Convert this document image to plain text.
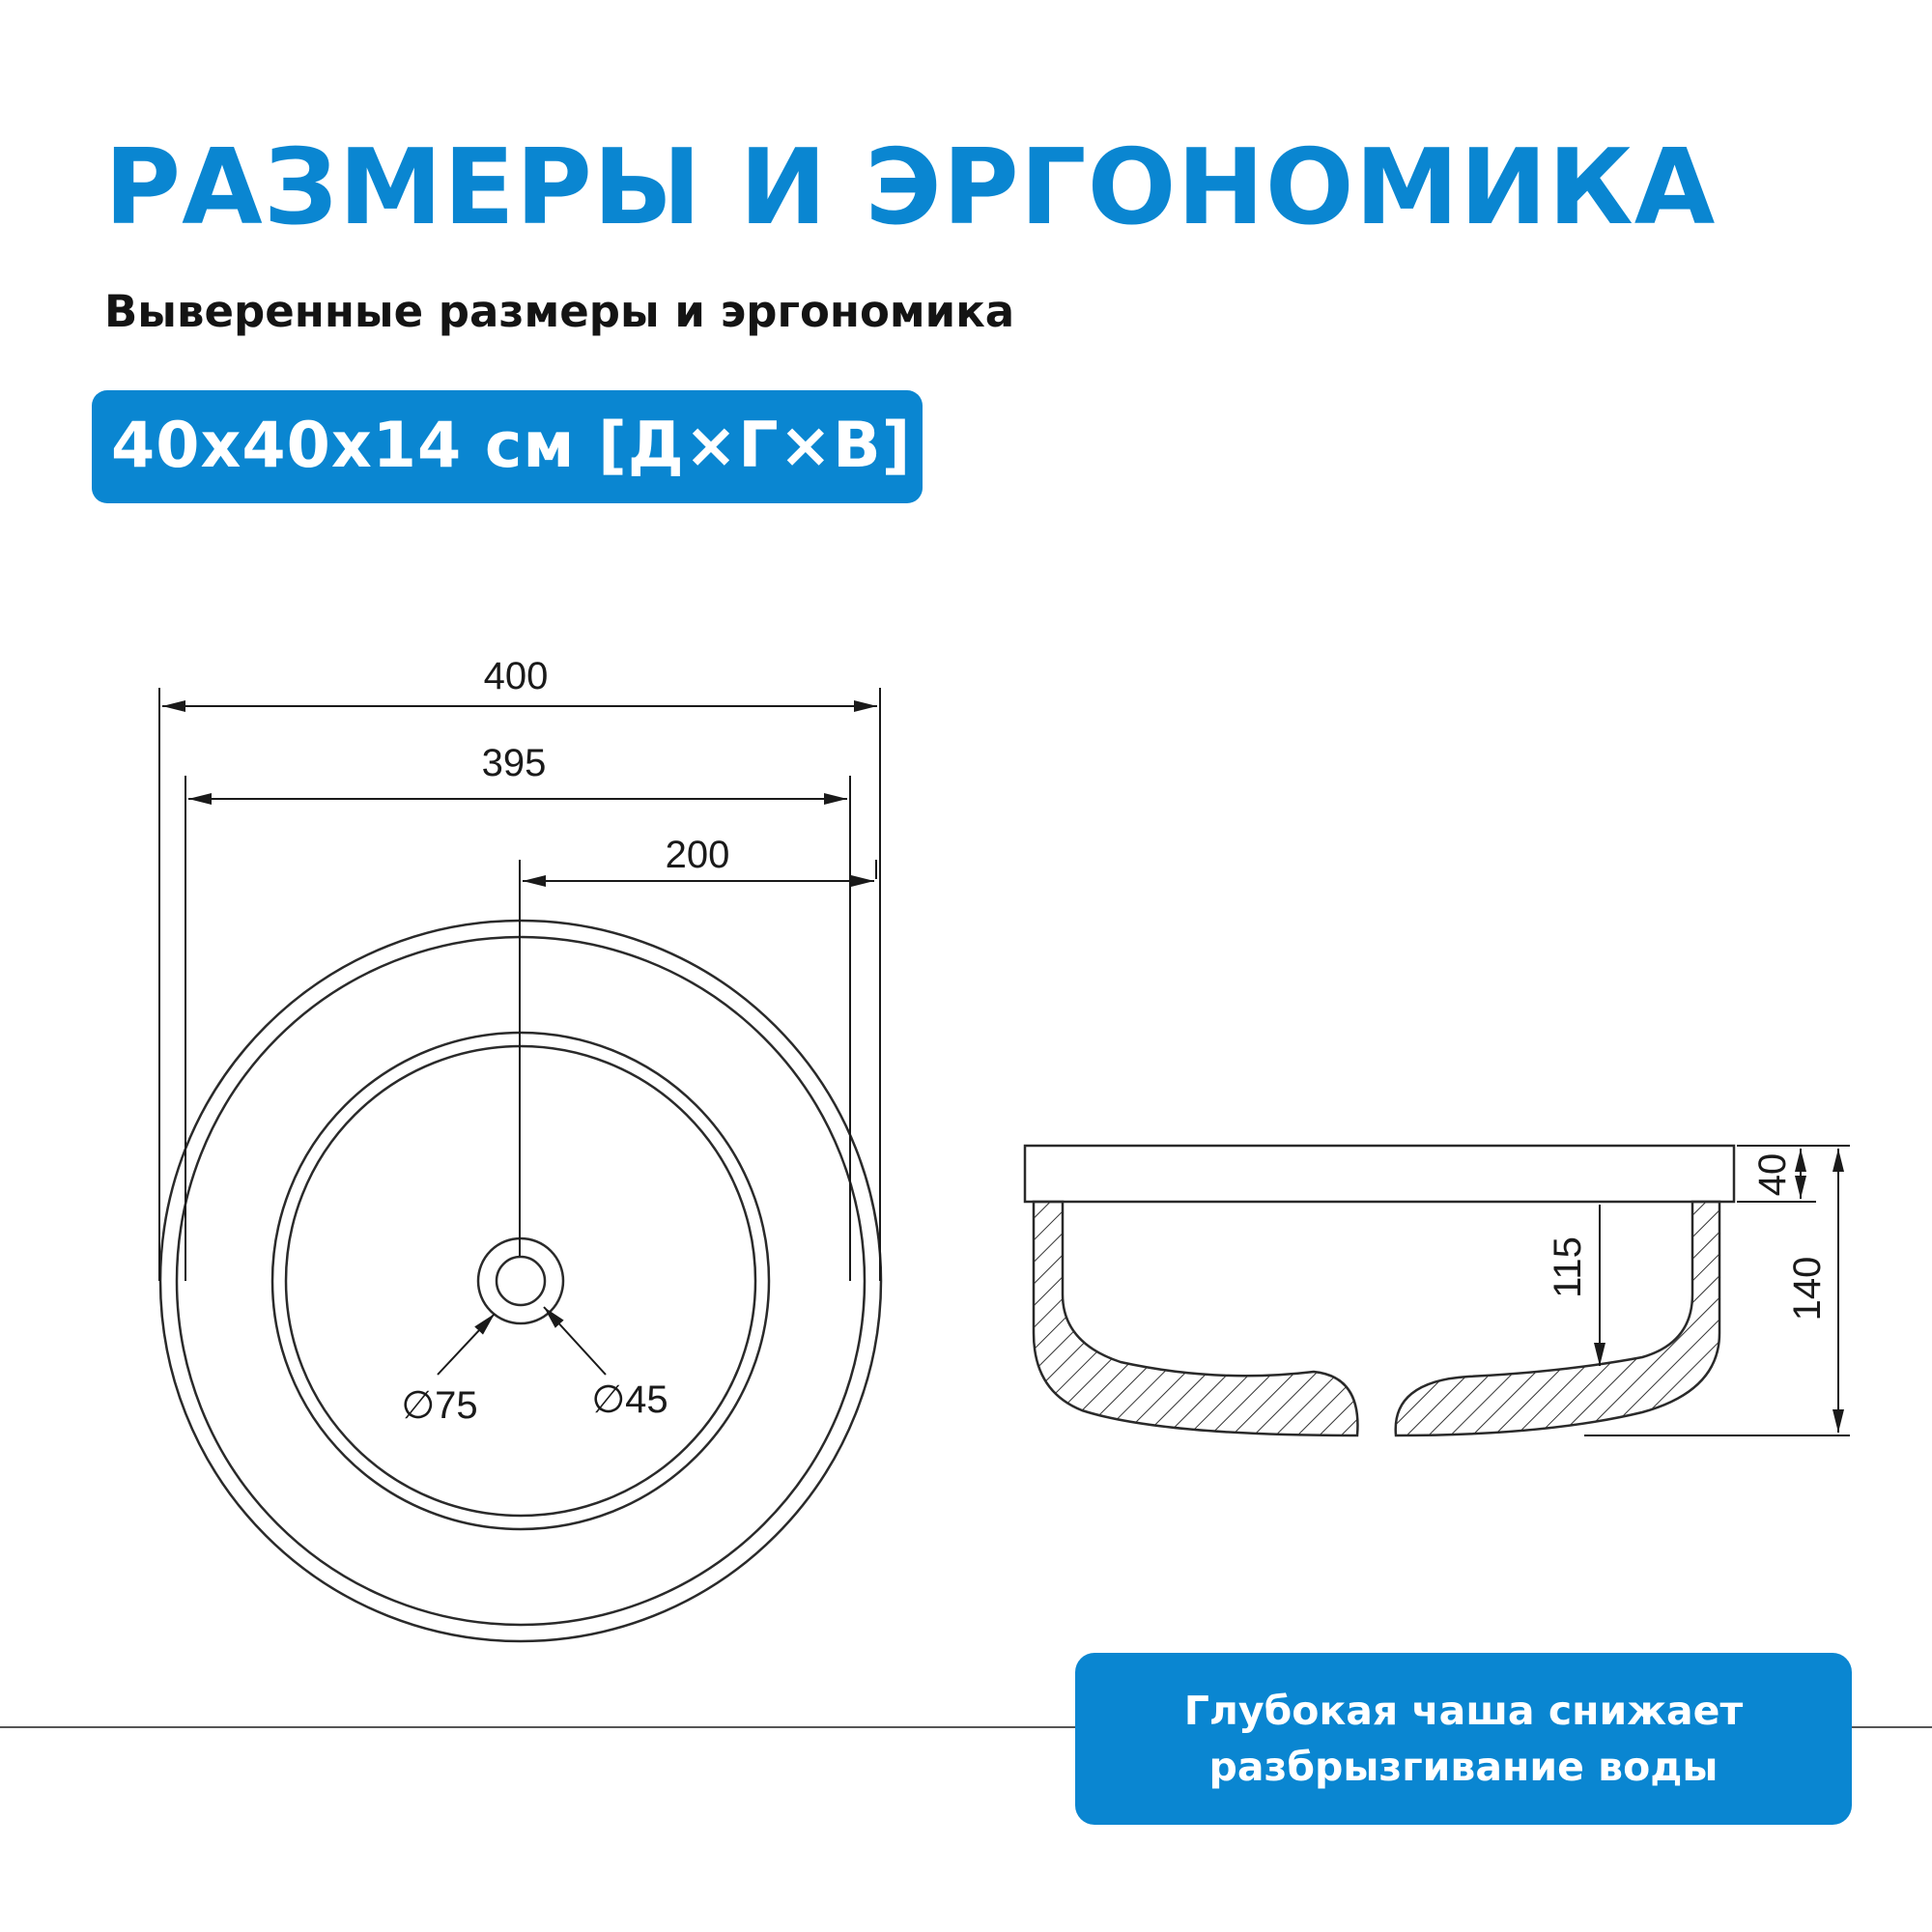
РАЗМЕРЫ И ЭРГОНОМИКА
Выверенные размеры и эргономика
40x40x14 см [Д×Г×В]
400
395
200
∅75	∅45
40
115	140
Глубокая чаша снижает
разбрызгивание воды
